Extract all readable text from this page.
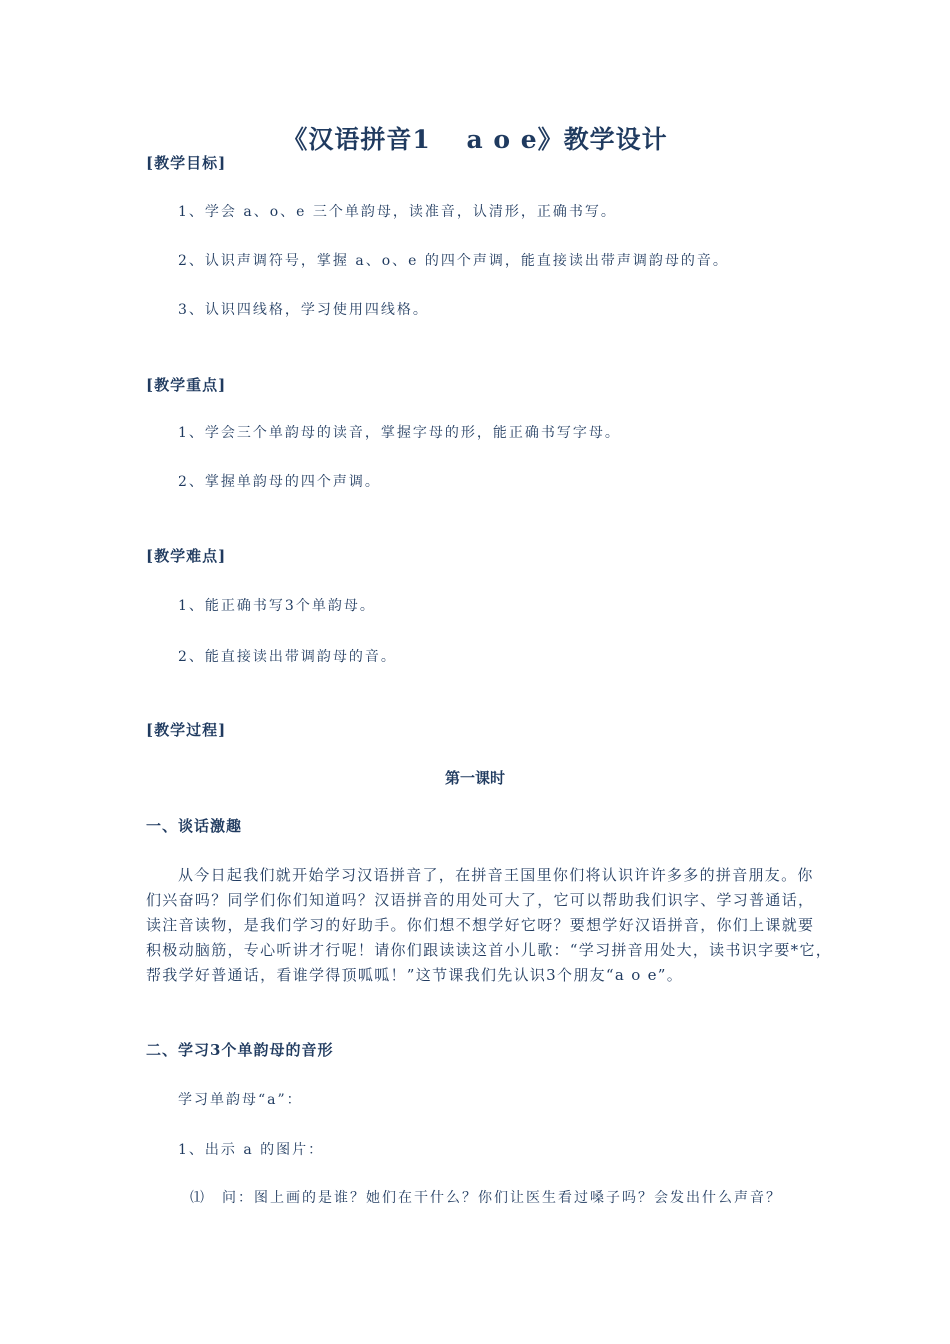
《汉语拼音1　 a o e》教学设计
[教学目标]
1、学会 a、o、e 三个单韵母，读准音，认清形，正确书写。
2、认识声调符号，掌握 a、o、e 的四个声调，能直接读出带声调韵母的音。
3、认识四线格，学习使用四线格。
[教学重点]
1、学会三个单韵母的读音，掌握字母的形，能正确书写字母。
2、掌握单韵母的四个声调。
[教学难点]
1、能正确书写3个单韵母。
2、能直接读出带调韵母的音。
[教学过程]
第一课时
一、谈话激趣
从今日起我们就开始学习汉语拼音了，在拼音王国里你们将认识许许多多的拼音朋友。你
们兴奋吗？同学们你们知道吗？汉语拼音的用处可大了，它可以帮助我们识字、学习普通话，
读注音读物，是我们学习的好助手。你们想不想学好它呀？要想学好汉语拼音，你们上课就要
积极动脑筋，专心听讲才行呢！请你们跟读读这首小儿歌：“学习拼音用处大，读书识字要*它，
帮我学好普通话，看谁学得顶呱呱！”这节课我们先认识3个朋友“a o e”。
二、学习3个单韵母的音形
学习单韵母“a”：
1、出示 a 的图片：
⑴　问：图上画的是谁？她们在干什么？你们让医生看过嗓子吗？会发出什么声音？
